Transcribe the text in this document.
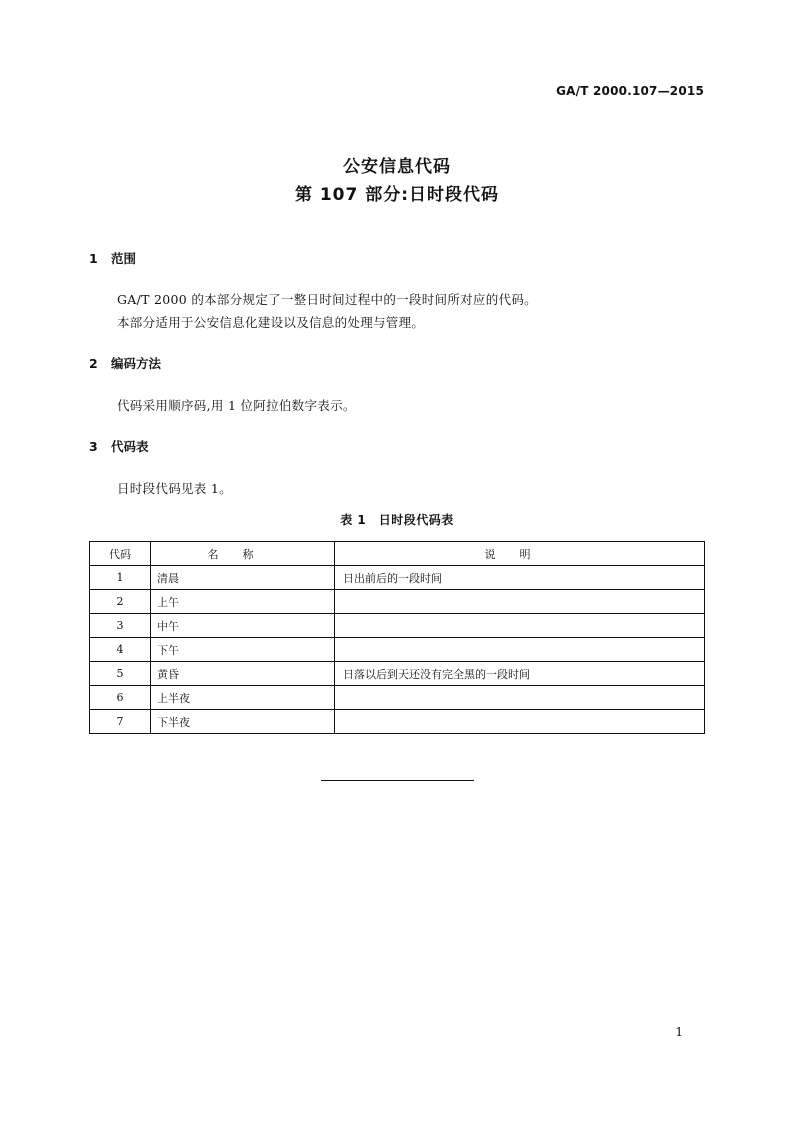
GA/T 2000.107—2015
公安信息代码
第 107 部分:日时段代码
1 范围
GA/T 2000 的本部分规定了一整日时间过程中的一段时间所对应的代码。
本部分适用于公安信息化建设以及信息的处理与管理。
2 编码方法
代码采用顺序码,用 1 位阿拉伯数字表示。
3 代码表
日时段代码见表 1。
表 1　日时段代码表
代码	名称	说明
1	清晨	日出前后的一段时间
2	上午	
3	中午	
4	下午	
5	黄昏	日落以后到天还没有完全黑的一段时间
6	上半夜	
7	下半夜	
1
